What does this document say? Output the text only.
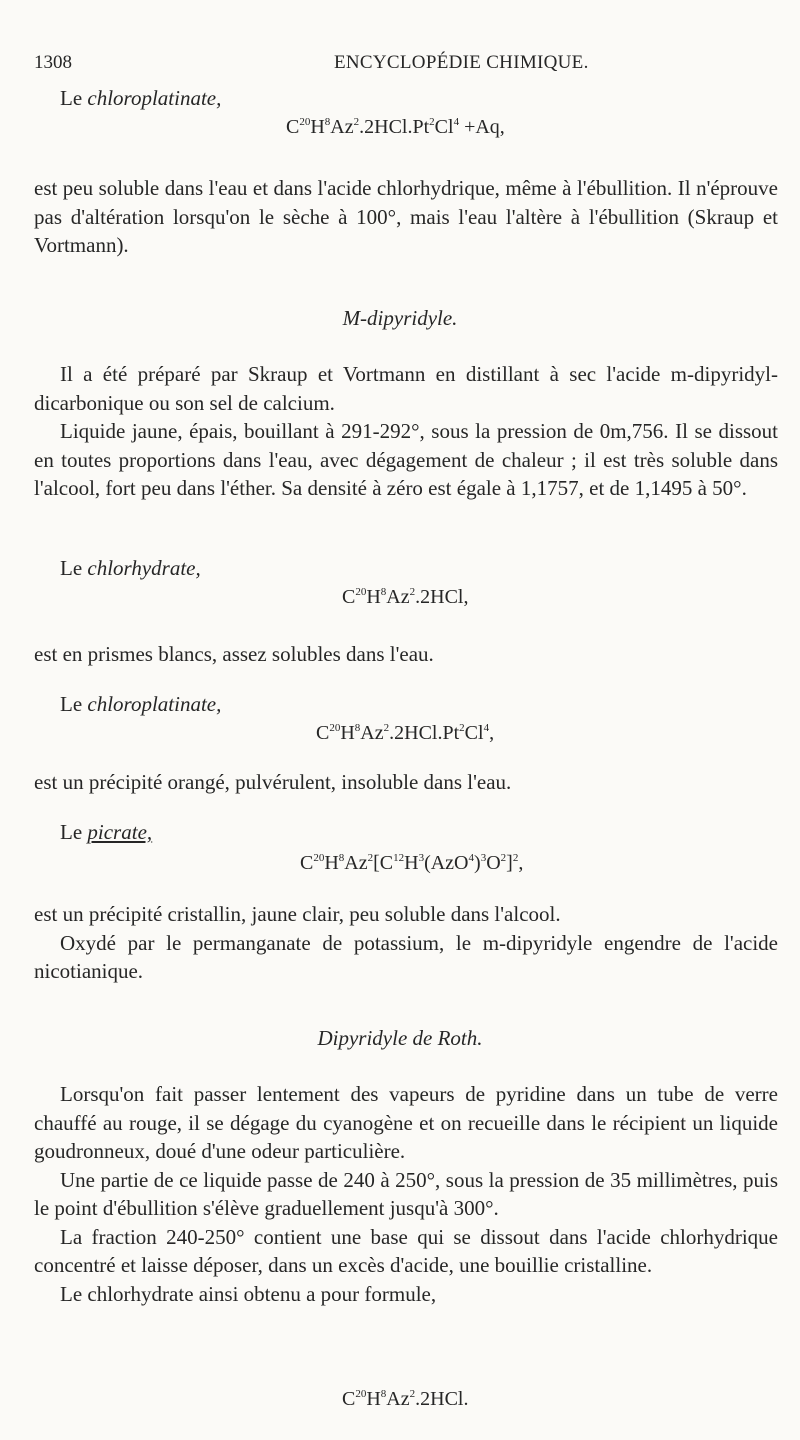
1308	ENCYCLOPÉDIE CHIMIQUE.
Le chloroplatinate,
$C^{20}H^8Az^2.2HCl.Pt^2Cl^4 +Aq$,

est peu soluble dans l'eau et dans l'acide chlorhydrique, même à l'ébullition. Il n'éprouve pas d'altération lorsqu'on le sèche à 100°, mais l'eau l'altère à l'ébullition (Skraup et Vortmann).

M-dipyridyle.

Il a été préparé par Skraup et Vortmann en distillant à sec l'acide m-dipyridyl-dicarbonique ou son sel de calcium.

Liquide jaune, épais, bouillant à 291-292°, sous la pression de 0m,756. Il se dissout en toutes proportions dans l'eau, avec dégagement de chaleur ; il est très soluble dans l'alcool, fort peu dans l'éther. Sa densité à zéro est égale à 1,1757, et de 1,1495 à 50°.

Le chlorhydrate,
$C^{20}H^8Az^2.2HCl$,

est en prismes blancs, assez solubles dans l'eau.

Le chloroplatinate,
$C^{20}H^8Az^2.2HCl.Pt^2Cl^4$,

est un précipité orangé, pulvérulent, insoluble dans l'eau.

Le picrate,
$C^{20}H^8Az^2[C^{12}H^3(AzO^4)^3O^2]^2$,

est un précipité cristallin, jaune clair, peu soluble dans l'alcool.

Oxydé par le permanganate de potassium, le m-dipyridyle engendre de l'acide nicotianique.

Dipyridyle de Roth.

Lorsqu'on fait passer lentement des vapeurs de pyridine dans un tube de verre chauffé au rouge, il se dégage du cyanogène et on recueille dans le récipient un liquide goudronneux, doué d'une odeur particulière.

Une partie de ce liquide passe de 240 à 250°, sous la pression de 35 millimètres, puis le point d'ébullition s'élève graduellement jusqu'à 300°.

La fraction 240-250° contient une base qui se dissout dans l'acide chlorhydrique concentré et laisse déposer, dans un excès d'acide, une bouillie cristalline.

Le chlorhydrate ainsi obtenu a pour formule,

$C^{20}H^8Az^2.2HCl$.
